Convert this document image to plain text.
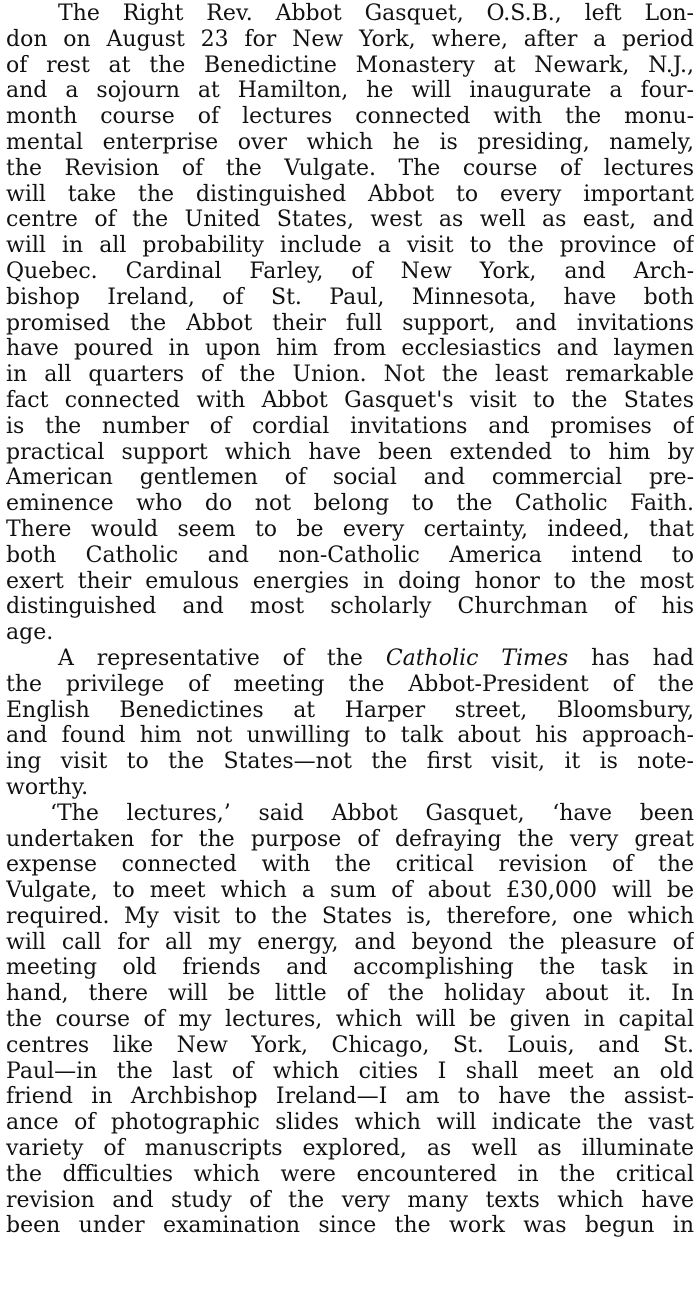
The Right Rev. Abbot Gasquet, O.S.B., left Lon-
don on August 23 for New York, where, after a period
of rest at the Benedictine Monastery at Newark, N.J.,
and a sojourn at Hamilton, he will inaugurate a four-
month course of lectures connected with the monu-
mental enterprise over which he is presiding, namely,
the Revision of the Vulgate. The course of lectures
will take the distinguished Abbot to every important
centre of the United States, west as well as east, and
will in all probability include a visit to the province of
Quebec. Cardinal Farley, of New York, and Arch-
bishop Ireland, of St. Paul, Minnesota, have both
promised the Abbot their full support, and invitations
have poured in upon him from ecclesiastics and laymen
in all quarters of the Union. Not the least remarkable
fact connected with Abbot Gasquet's visit to the States
is the number of cordial invitations and promises of
practical support which have been extended to him by
American gentlemen of social and commercial pre-
eminence who do not belong to the Catholic Faith.
There would seem to be every certainty, indeed, that
both Catholic and non-Catholic America intend to
exert their emulous energies in doing honor to the most
distinguished and most scholarly Churchman of his
age.
A representative of the Catholic Times has had
the privilege of meeting the Abbot-President of the
English Benedictines at Harper street, Bloomsbury,
and found him not unwilling to talk about his approach-
ing visit to the States—not the first visit, it is note-
worthy.
‘The lectures,’ said Abbot Gasquet, ‘have been
undertaken for the purpose of defraying the very great
expense connected with the critical revision of the
Vulgate, to meet which a sum of about £30,000 will be
required. My visit to the States is, therefore, one which
will call for all my energy, and beyond the pleasure of
meeting old friends and accomplishing the task in
hand, there will be little of the holiday about it. In
the course of my lectures, which will be given in capital
centres like New York, Chicago, St. Louis, and St.
Paul—in the last of which cities I shall meet an old
friend in Archbishop Ireland—I am to have the assist-
ance of photographic slides which will indicate the vast
variety of manuscripts explored, as well as illuminate
the dfficulties which were encountered in the critical
revision and study of the very many texts which have
been under examination since the work was begun in
